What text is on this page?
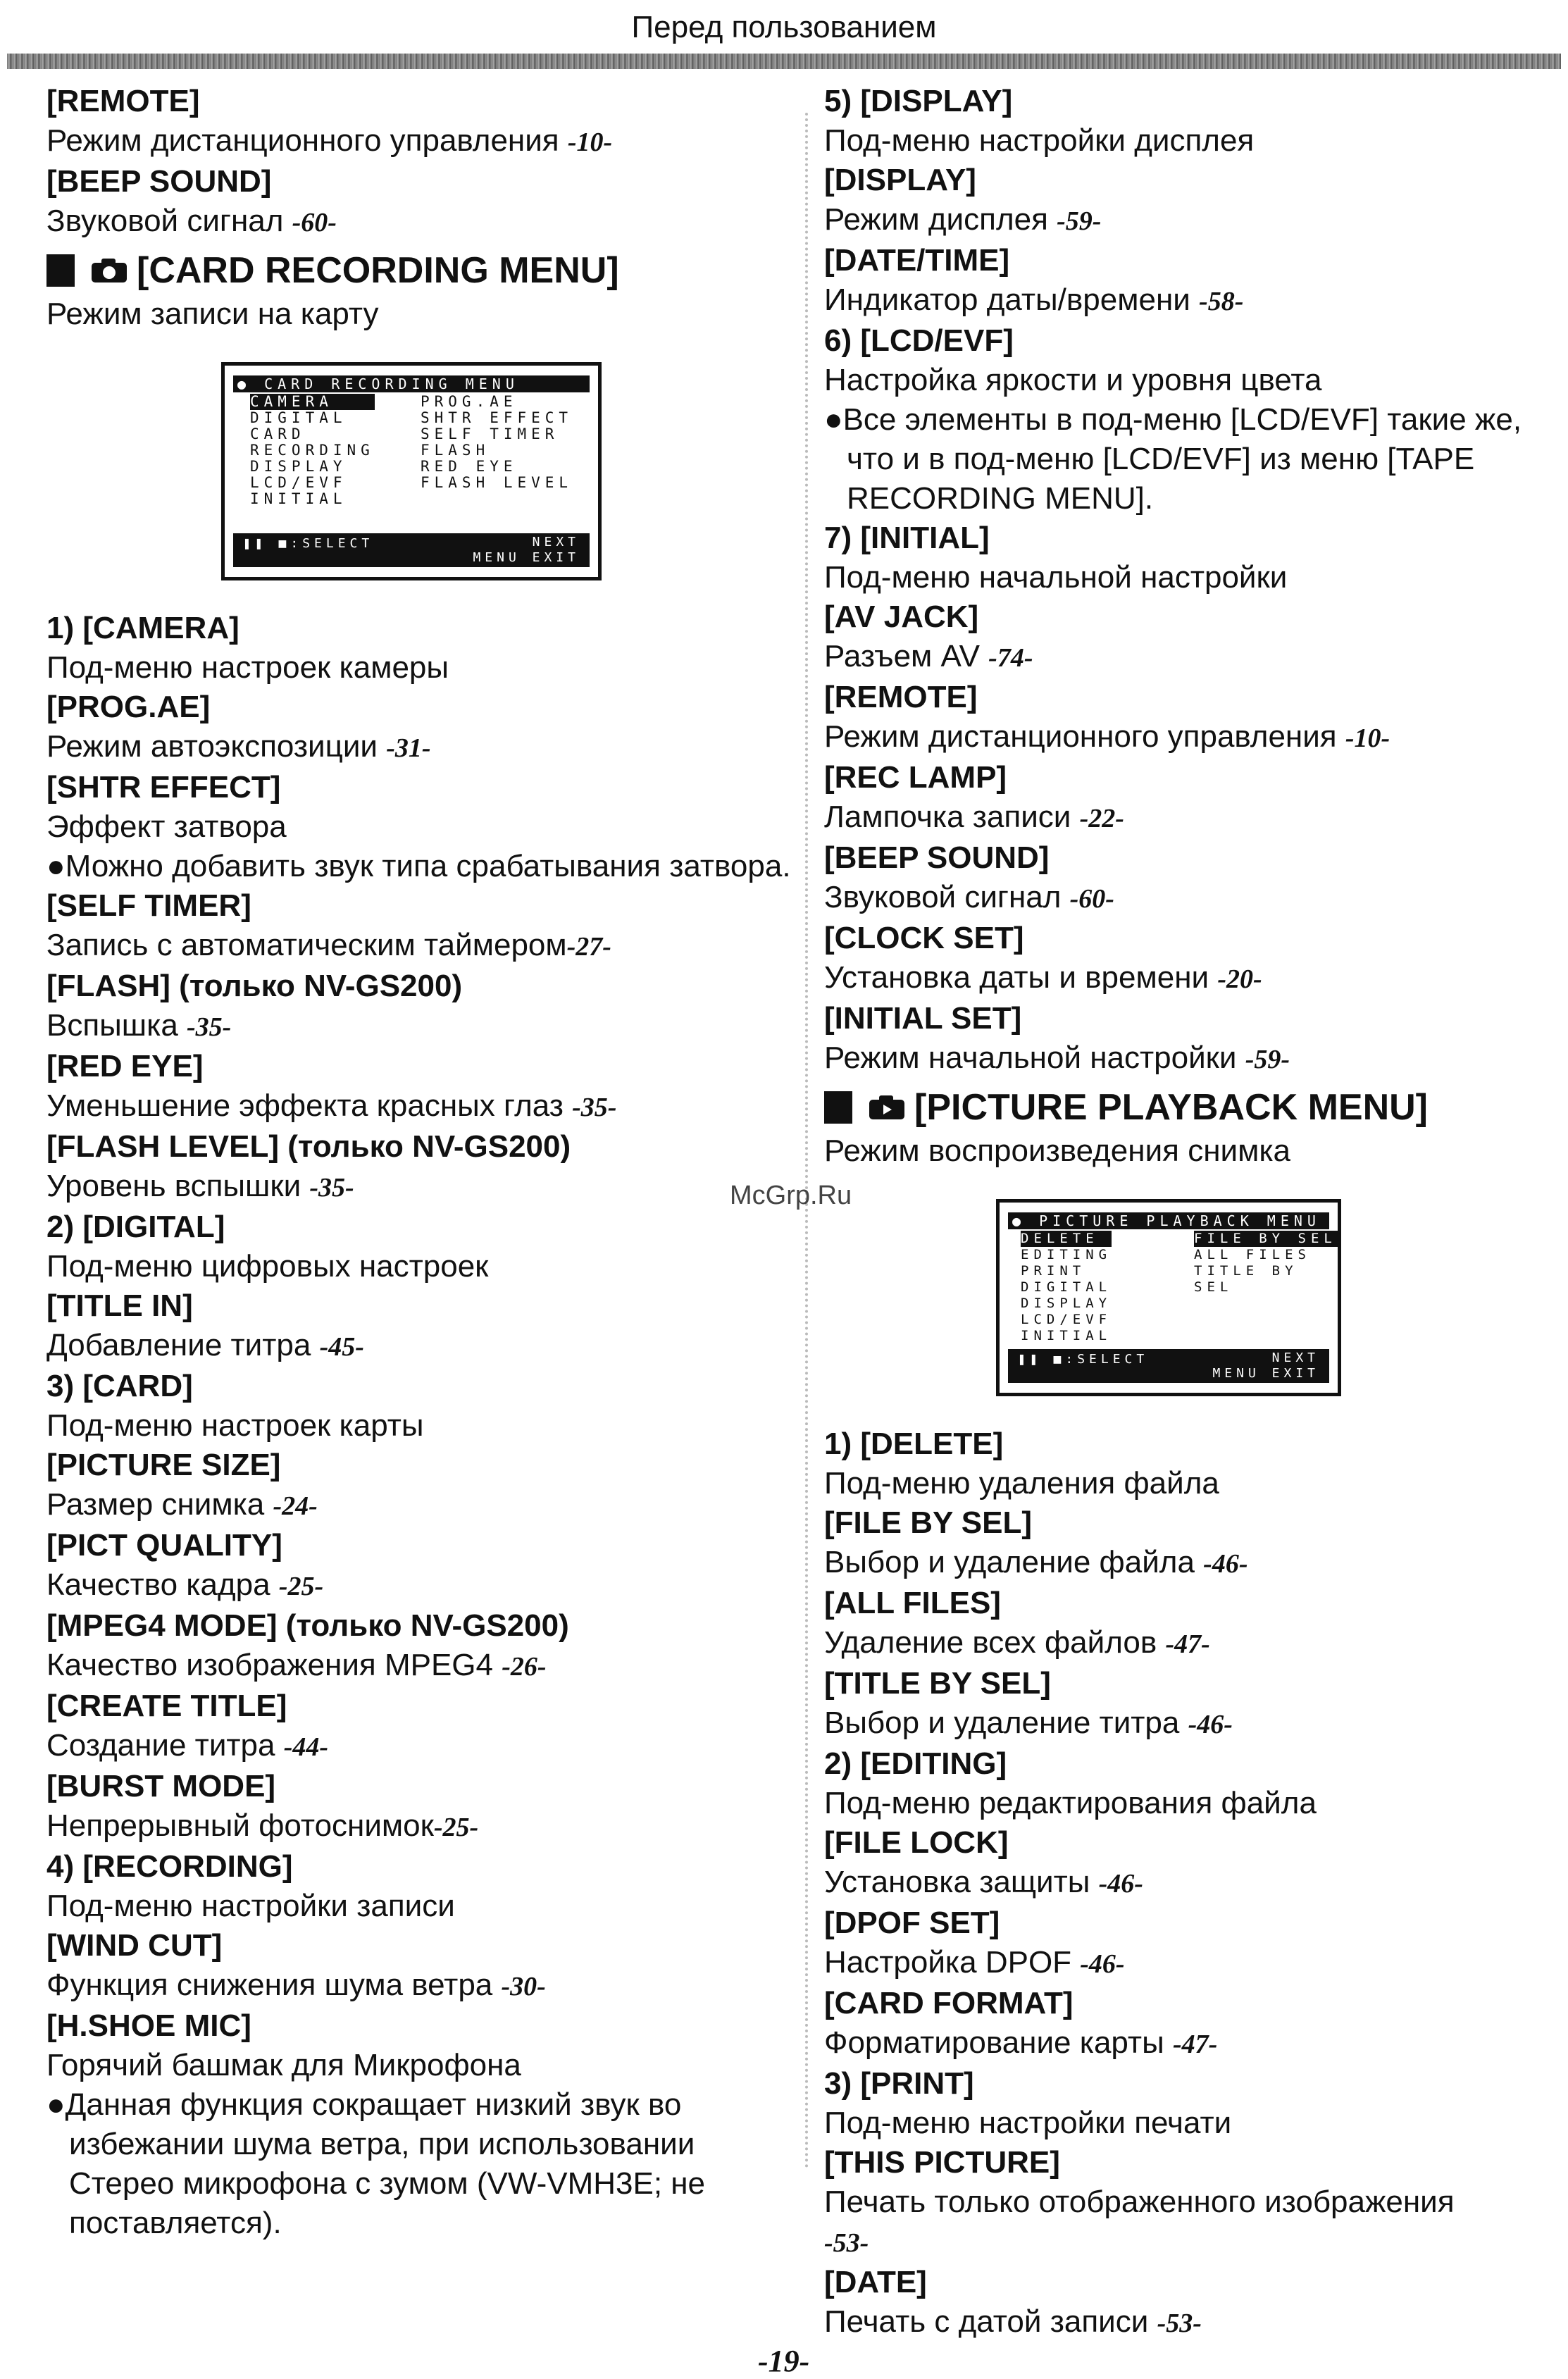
Перед пользованием
[REMOTE]
Режим дистанционного управления -10-
[BEEP SOUND]
Звуковой сигнал -60-
[CARD RECORDING MENU]
Режим записи на карту
● CARD RECORDING MENU
CAMERA
DIGITAL
CARD
RECORDING
DISPLAY
LCD/EVF
INITIAL
PROG.AE
SHTR EFFECT
SELF TIMER
FLASH
RED EYE
FLASH LEVEL
❚❚ ■:SELECT	NEXT
MENU EXIT
1) [CAMERA]
Под-меню настроек камеры
[PROG.AE]
Режим автоэкспозиции -31-
[SHTR EFFECT]
Эффект затвора
●Можно добавить звук типа срабатывания затвора.
[SELF TIMER]
Запись с автоматическим таймером-27-
[FLASH] (только NV-GS200)
Вспышка -35-
[RED EYE]
Уменьшение эффекта красных глаз -35-
[FLASH LEVEL] (только NV-GS200)
Уровень вспышки -35-
2) [DIGITAL]
Под-меню цифровых настроек
[TITLE IN]
Добавление титра -45-
3) [CARD]
Под-меню настроек карты
[PICTURE SIZE]
Размер снимка -24-
[PICT QUALITY]
Качество кадра -25-
[MPEG4 MODE] (только NV-GS200)
Качество изображения MPEG4 -26-
[CREATE TITLE]
Создание титра -44-
[BURST MODE]
Непрерывный фотоснимок-25-
4) [RECORDING]
Под-меню настройки записи
[WIND CUT]
Функция снижения шума ветра -30-
[H.SHOE MIC]
Горячий башмак для Микрофона
●Данная функция сокращает низкий звук во избежании шума ветра, при использовании Стерео микрофона с зумом (VW-VMH3E; не поставляется).
5) [DISPLAY]
Под-меню настройки дисплея
[DISPLAY]
Режим дисплея -59-
[DATE/TIME]
Индикатор даты/времени -58-
6) [LCD/EVF]
Настройка яркости и уровня цвета
●Все элементы в под-меню [LCD/EVF] такие же, что и в под-меню [LCD/EVF] из меню [TAPE RECORDING MENU].
7) [INITIAL]
Под-меню начальной настройки
[AV JACK]
Разъем AV -74-
[REMOTE]
Режим дистанционного управления -10-
[REC LAMP]
Лампочка записи -22-
[BEEP SOUND]
Звуковой сигнал -60-
[CLOCK SET]
Установка даты и времени -20-
[INITIAL SET]
Режим начальной настройки -59-
[PICTURE PLAYBACK MENU]
Режим воспроизведения снимка
● PICTURE PLAYBACK MENU
DELETE
EDITING
PRINT
DIGITAL
DISPLAY
LCD/EVF
INITIAL
FILE BY SEL
ALL FILES
TITLE BY SEL
❚❚ ■:SELECT	NEXT
MENU EXIT
1) [DELETE]
Под-меню удаления файла
[FILE BY SEL]
Выбор и удаление файла -46-
[ALL FILES]
Удаление всех файлов -47-
[TITLE BY SEL]
Выбор и удаление титра -46-
2) [EDITING]
Под-меню редактирования файла
[FILE LOCK]
Установка защиты -46-
[DPOF SET]
Настройка DPOF -46-
[CARD FORMAT]
Форматирование карты -47-
3) [PRINT]
Под-меню настройки печати
[THIS PICTURE]
Печать только отображенного изображения
-53-
[DATE]
Печать с датой записи -53-
McGrp.Ru
-19-
